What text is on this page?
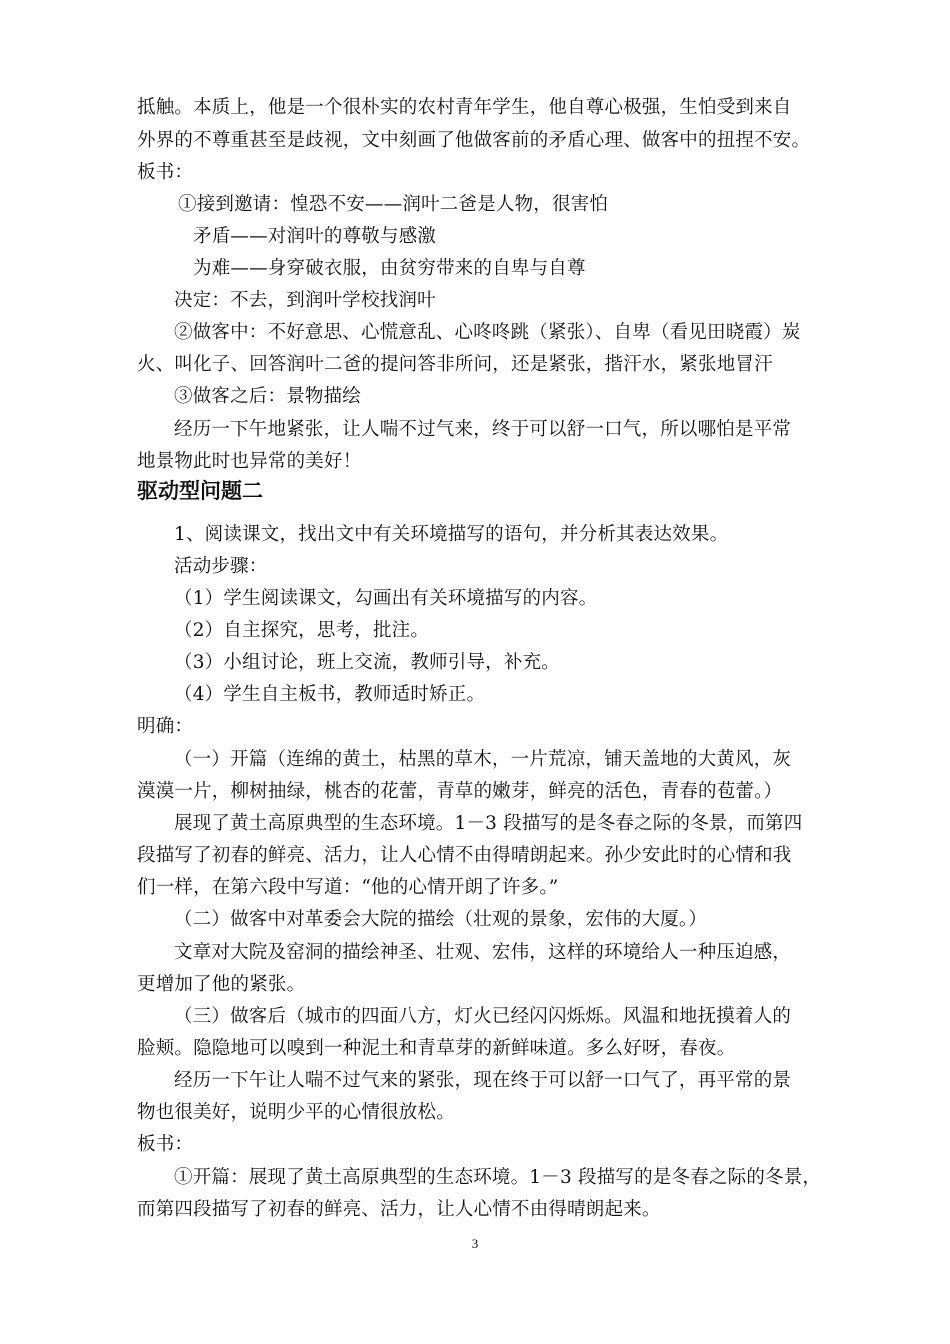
抵触。本质上，他是一个很朴实的农村青年学生，他自尊心极强，生怕受到来自
外界的不尊重甚至是歧视，文中刻画了他做客前的矛盾心理、做客中的扭捏不安。
板书：
①接到邀请：惶恐不安——润叶二爸是人物，很害怕
矛盾——对润叶的尊敬与感激
为难——身穿破衣服，由贫穷带来的自卑与自尊
决定：不去，到润叶学校找润叶
②做客中：不好意思、心慌意乱、心咚咚跳（紧张）、自卑（看见田晓霞）炭
火、叫化子、回答润叶二爸的提问答非所问，还是紧张，揩汗水，紧张地冒汗
③做客之后：景物描绘
经历一下午地紧张，让人喘不过气来，终于可以舒一口气，所以哪怕是平常
地景物此时也异常的美好！
驱动型问题二
1、阅读课文，找出文中有关环境描写的语句，并分析其表达效果。
活动步骤：
（1）学生阅读课文，勾画出有关环境描写的内容。
（2）自主探究，思考，批注。
（3）小组讨论，班上交流，教师引导，补充。
（4）学生自主板书，教师适时矫正。
明确：
（一）开篇（连绵的黄土，枯黑的草木，一片荒凉，铺天盖地的大黄风，灰
漠漠一片，柳树抽绿，桃杏的花蕾，青草的嫩芽，鲜亮的活色，青春的苞蕾。）
展现了黄土高原典型的生态环境。1－3 段描写的是冬春之际的冬景，而第四
段描写了初春的鲜亮、活力，让人心情不由得晴朗起来。孙少安此时的心情和我
们一样，在第六段中写道：“他的心情开朗了许多。”
（二）做客中对革委会大院的描绘（壮观的景象，宏伟的大厦。）
文章对大院及窑洞的描绘神圣、壮观、宏伟，这样的环境给人一种压迫感，
更增加了他的紧张。
（三）做客后（城市的四面八方，灯火已经闪闪烁烁。风温和地抚摸着人的
脸颊。隐隐地可以嗅到一种泥土和青草芽的新鲜味道。多么好呀，春夜。
经历一下午让人喘不过气来的紧张，现在终于可以舒一口气了，再平常的景
物也很美好，说明少平的心情很放松。
板书：
①开篇：展现了黄土高原典型的生态环境。1－3 段描写的是冬春之际的冬景，
而第四段描写了初春的鲜亮、活力，让人心情不由得晴朗起来。
3
